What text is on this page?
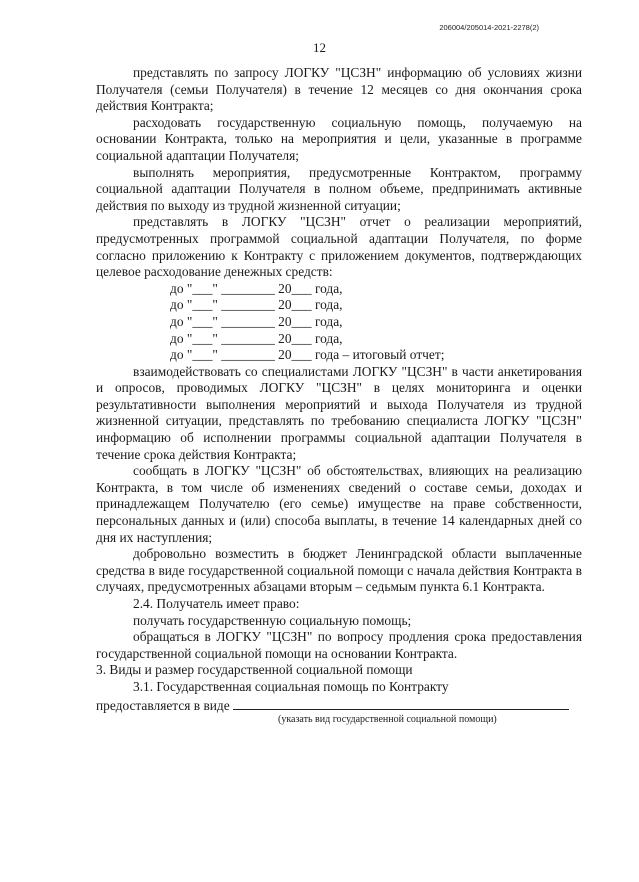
206004/205014-2021-2278(2)
12

представлять по запросу ЛОГКУ "ЦСЗН" информацию об условиях жизни Получателя (семьи Получателя) в течение 12 месяцев со дня окончания срока действия Контракта;

расходовать государственную социальную помощь, получаемую на основании Контракта, только на мероприятия и цели, указанные в программе социальной адаптации Получателя;

выполнять мероприятия, предусмотренные Контрактом, программу социальной адаптации Получателя в полном объеме, предпринимать активные действия по выходу из трудной жизненной ситуации;

представлять в ЛОГКУ "ЦСЗН" отчет о реализации мероприятий, предусмотренных программой социальной адаптации Получателя, по форме согласно приложению к Контракту с приложением документов, подтверждающих целевое расходование денежных средств:

до "___" ________ 20___ года,

до "___" ________ 20___ года,

до "___" ________ 20___ года,

до "___" ________ 20___ года,

до "___" ________ 20___ года – итоговый отчет;

взаимодействовать со специалистами ЛОГКУ "ЦСЗН" в части анкетирования и опросов, проводимых ЛОГКУ "ЦСЗН" в целях мониторинга и оценки результативности выполнения мероприятий и выхода Получателя из трудной жизненной ситуации, представлять по требованию специалиста ЛОГКУ "ЦСЗН" информацию об исполнении программы социальной адаптации Получателя в течение срока действия Контракта;

сообщать в ЛОГКУ "ЦСЗН" об обстоятельствах, влияющих на реализацию Контракта, в том числе об изменениях сведений о составе семьи, доходах и принадлежащем Получателю (его семье) имуществе на праве собственности, персональных данных и (или) способа выплаты, в течение 14 календарных дней со дня их наступления;

добровольно возместить в бюджет Ленинградской области выплаченные средства в виде государственной социальной помощи с начала действия Контракта в случаях, предусмотренных абзацами вторым – седьмым пункта 6.1 Контракта.

2.4. Получатель имеет право:

получать государственную социальную помощь;

обращаться в ЛОГКУ "ЦСЗН" по вопросу продления срока предоставления государственной социальной помощи на основании Контракта.

3. Виды и размер государственной социальной помощи

3.1. Государственная социальная помощь по Контракту

предоставляется в виде

(указать вид государственной социальной помощи)
